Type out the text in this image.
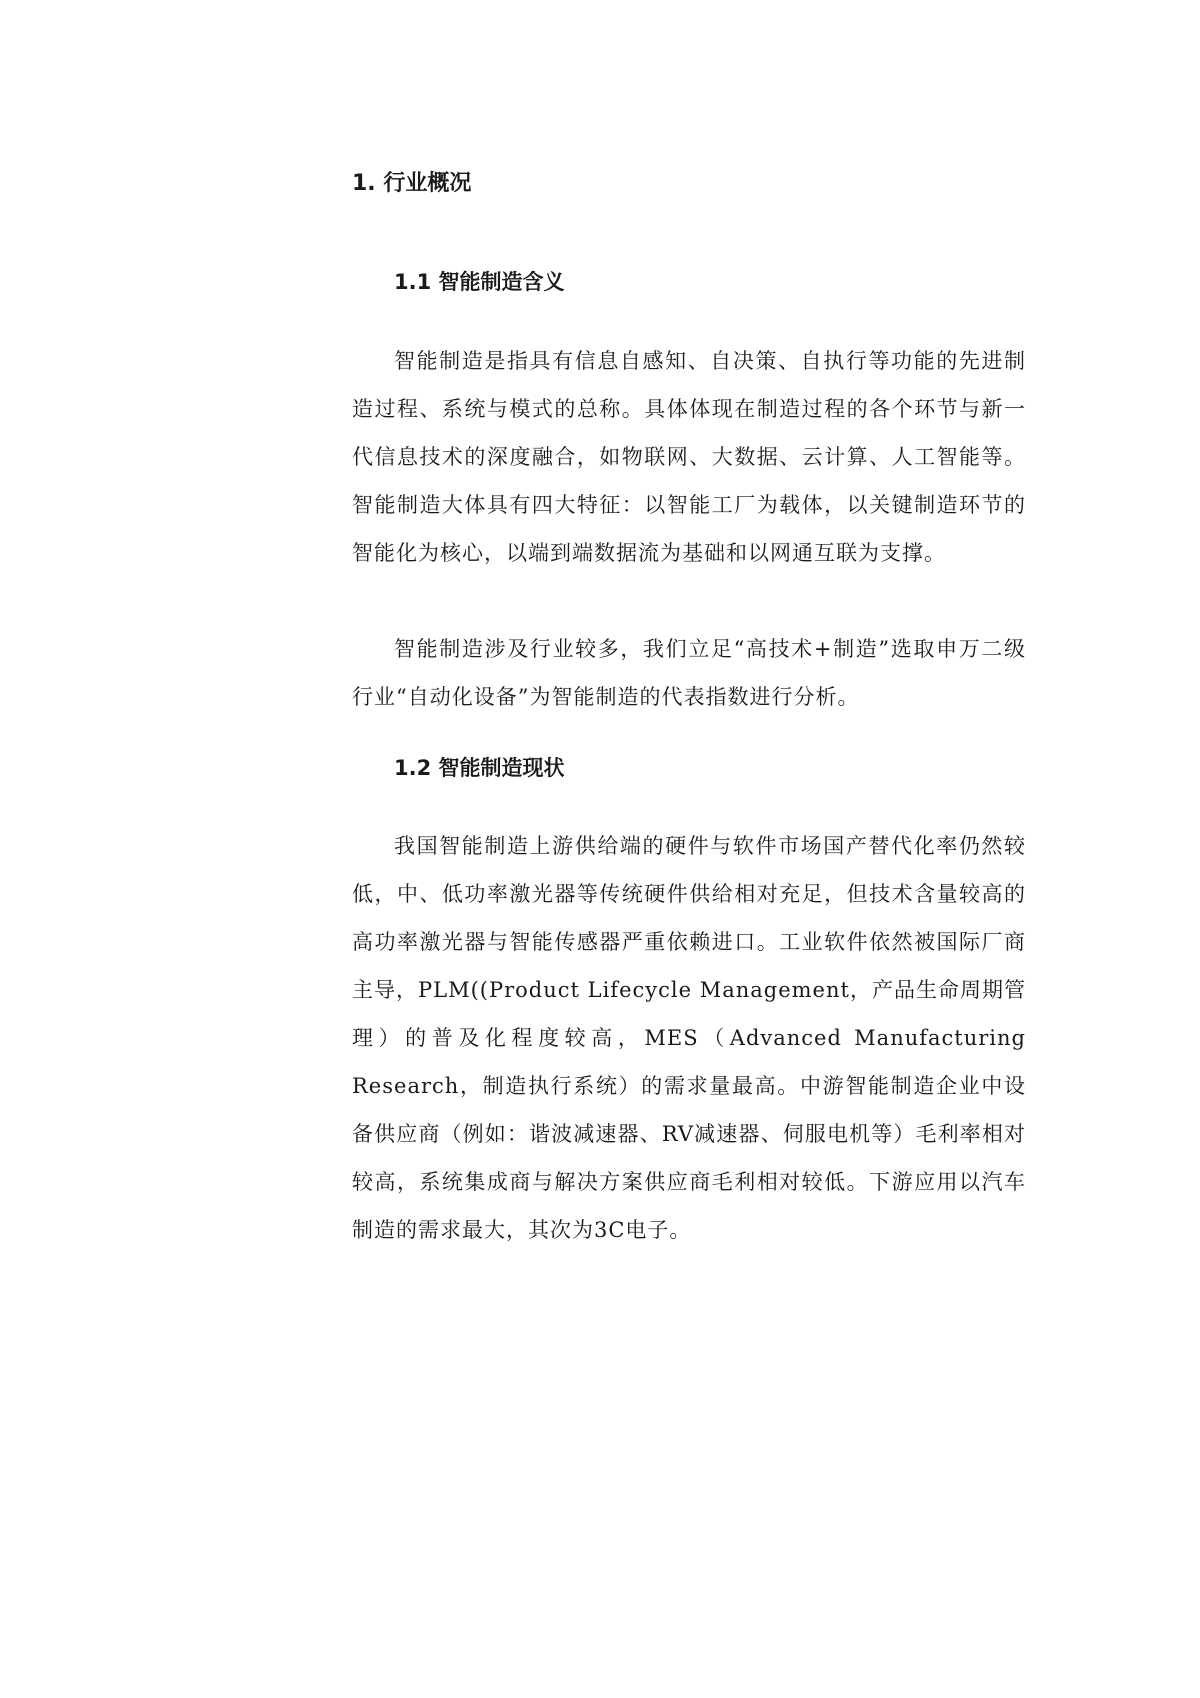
1. 行业概况
1.1 智能制造含义

智能制造是指具有信息自感知、自决策、自执行等功能的先进制造过程、系统与模式的总称。具体体现在制造过程的各个环节与新一代信息技术的深度融合，如物联网、大数据、云计算、人工智能等。智能制造大体具有四大特征：以智能工厂为载体，以关键制造环节的智能化为核心，以端到端数据流为基础和以网通互联为支撑。

智能制造涉及行业较多，我们立足“高技术+制造”选取申万二级行业“自动化设备”为智能制造的代表指数进行分析。

1.2 智能制造现状

我国智能制造上游供给端的硬件与软件市场国产替代化率仍然较低，中、低功率激光器等传统硬件供给相对充足，但技术含量较高的高功率激光器与智能传感器严重依赖进口。工业软件依然被国际厂商主导，PLM((Product Lifecycle Management，产品生命周期管理）的普及化程度较高，MES（Advanced Manufacturing Research，制造执行系统）的需求量最高。中游智能制造企业中设备供应商（例如：谐波减速器、RV减速器、伺服电机等）毛利率相对较高，系统集成商与解决方案供应商毛利相对较低。下游应用以汽车制造的需求最大，其次为3C电子。
